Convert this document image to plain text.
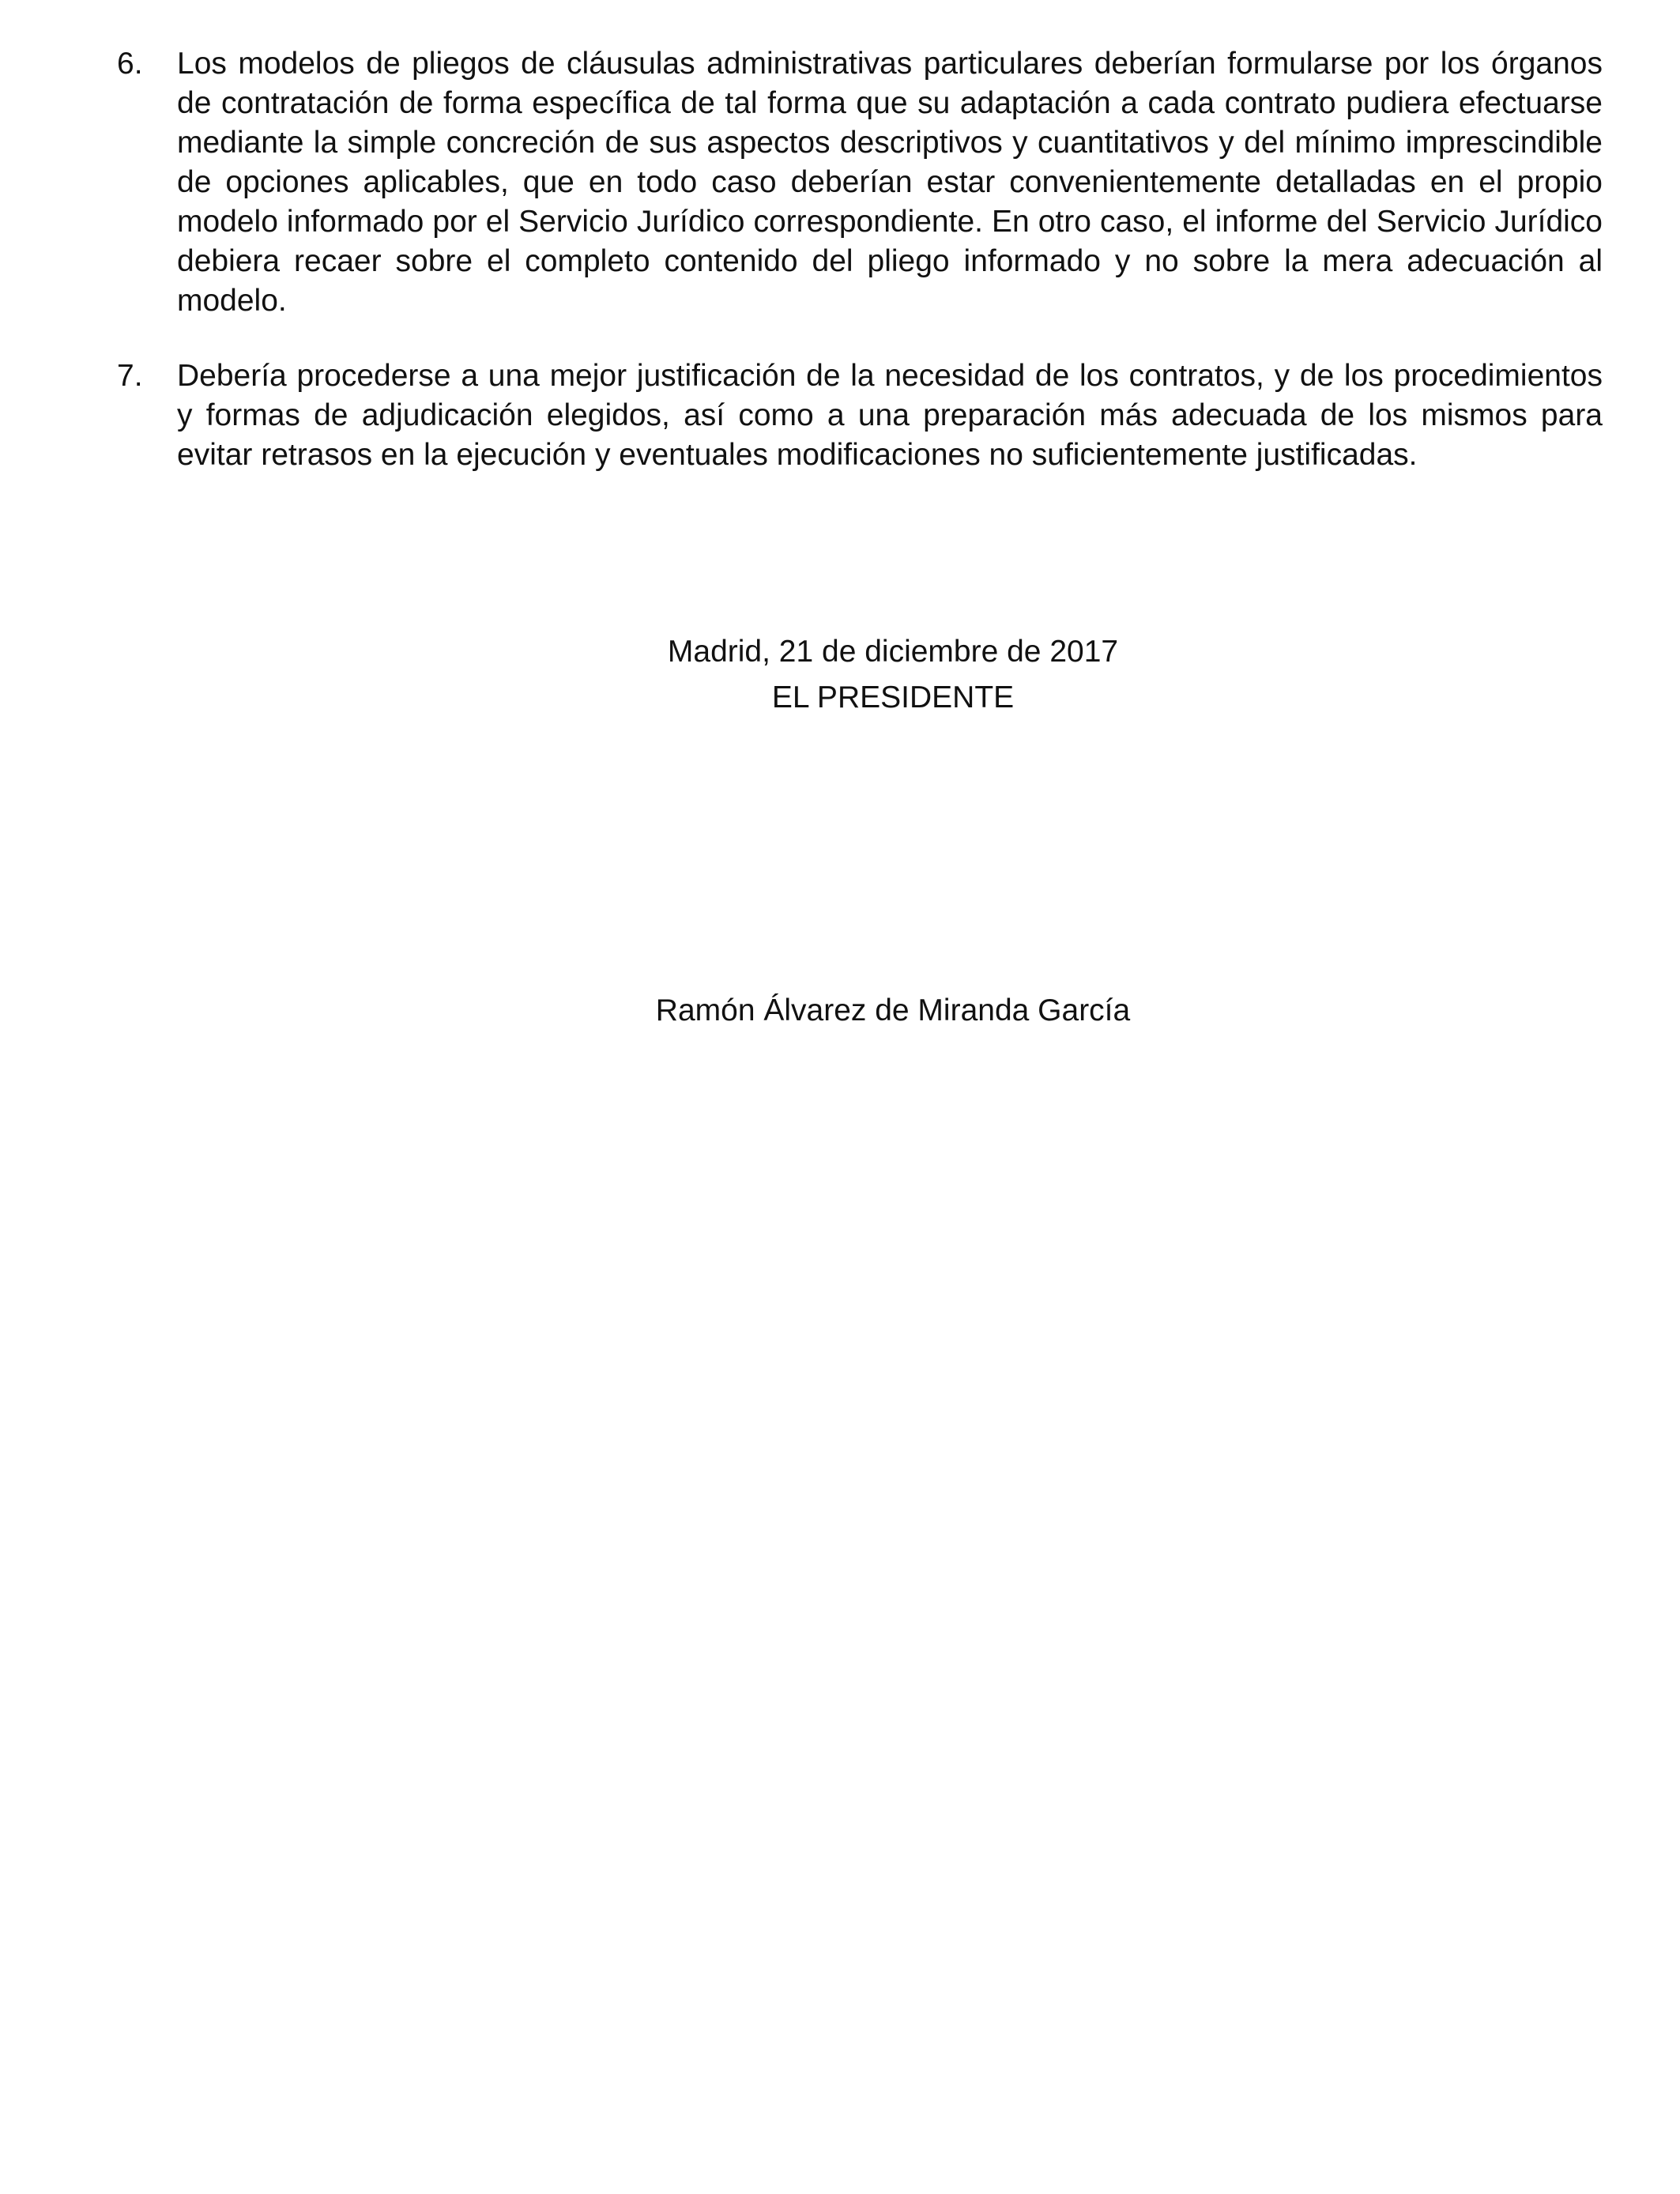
6.	Los modelos de pliegos de cláusulas administrativas particulares deberían formularse por los órganos de contratación de forma específica de tal forma que su adaptación a cada contrato pudiera efectuarse mediante la simple concreción de sus aspectos descriptivos y cuantitativos y del mínimo imprescindible de opciones aplicables, que en todo caso deberían estar convenientemente detalladas en el propio modelo informado por el Servicio Jurídico correspondiente. En otro caso, el informe del Servicio Jurídico debiera recaer sobre el completo contenido del pliego informado y no sobre la mera adecuación al modelo.
7.	Debería procederse a una mejor justificación de la necesidad de los contratos, y de los procedimientos y formas de adjudicación elegidos, así como a una preparación más adecuada de los mismos para evitar retrasos en la ejecución y eventuales modificaciones no suficientemente justificadas.
Madrid, 21 de diciembre de 2017
EL PRESIDENTE
Ramón Álvarez de Miranda García
